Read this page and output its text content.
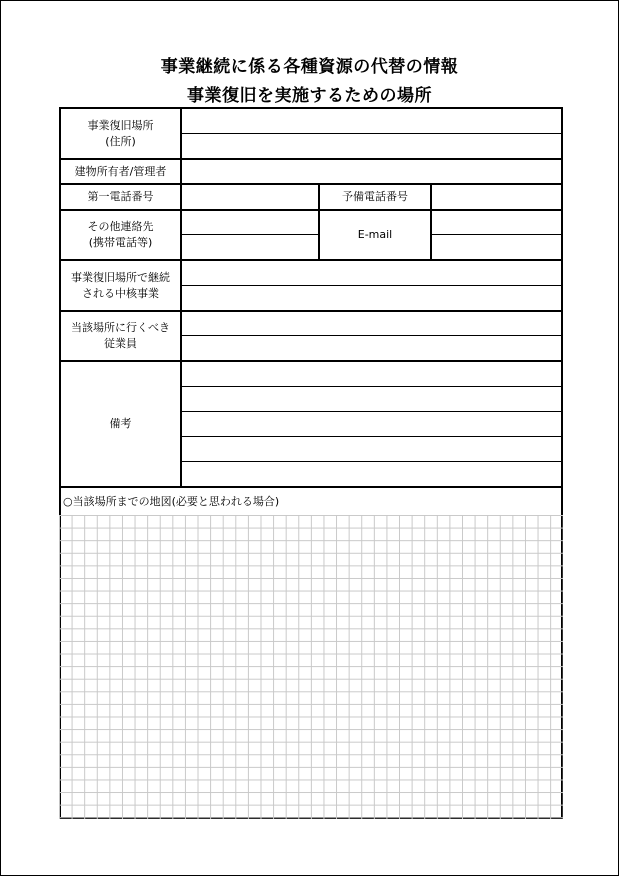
事業継続に係る各種資源の代替の情報
事業復旧を実施するための場所
事業復旧場所
(住所)
建物所有者/管理者
第一電話番号	予備電話番号
その他連絡先
(携帯電話等)
E-mail
事業復旧場所で継続
される中核事業
当該場所に行くべき
従業員
備考
○当該場所までの地図(必要と思われる場合)
